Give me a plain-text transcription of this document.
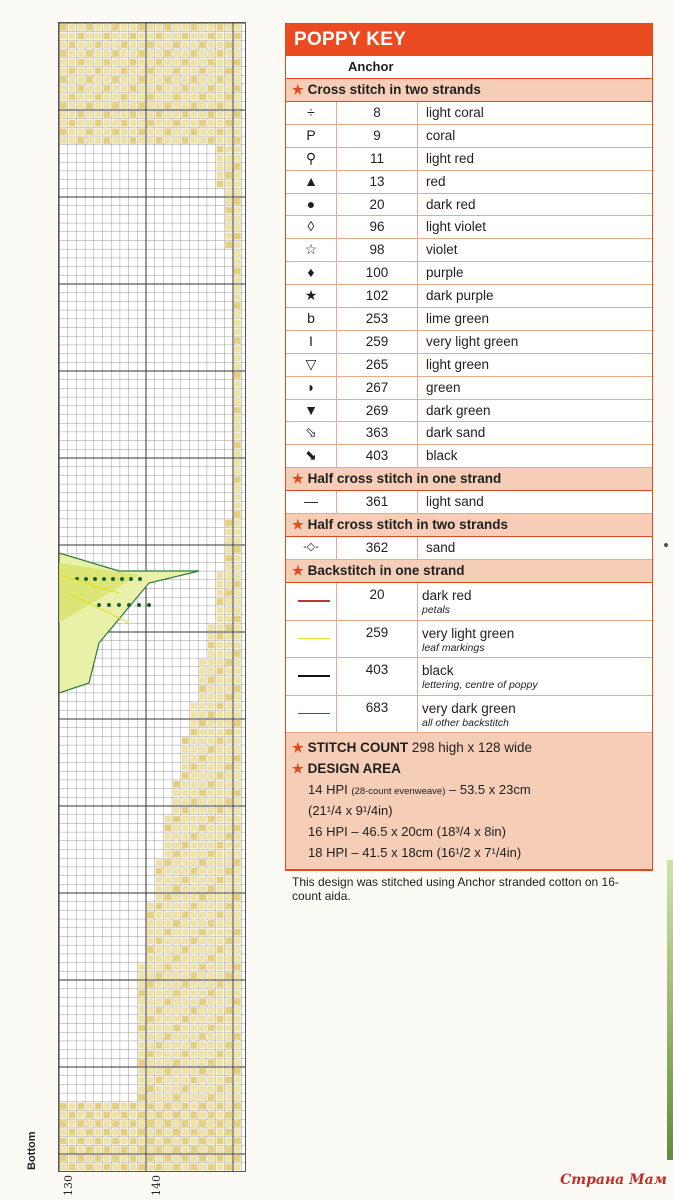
Bottom
130	140
POPPY KEY
Anchor
★ Cross stitch in two strands
÷	8	light coral
P	9	coral
⚲	11	light red
▲	13	red
●	20	dark red
◊	96	light violet
☆	98	violet
♦	100	purple
★	102	dark purple
b	253	lime green
I	259	very light green
▽	265	light green
◗	267	green
▼	269	dark green
⬂	363	dark sand
⬊	403	black
★ Half cross stitch in one strand
—	361	light sand
★ Half cross stitch in two strands
-◇-	362	sand
★ Backstitch in one strand
20	dark red
petals
259	very light green
leaf markings
403	black
lettering, centre of poppy
683	very dark green
all other backstitch
★ STITCH COUNT 298 high x 128 wide
★ DESIGN AREA
14 HPI (28-count evenweave) – 53.5 x 23cm
(21¹/4 x 9¹/4in)
16 HPI – 46.5 x 20cm (18³/4 x 8in)
18 HPI – 41.5 x 18cm (16¹/2 x 7¹/4in)
This design was stitched using Anchor stranded cotton on 16-count aida.
Страна Мам
